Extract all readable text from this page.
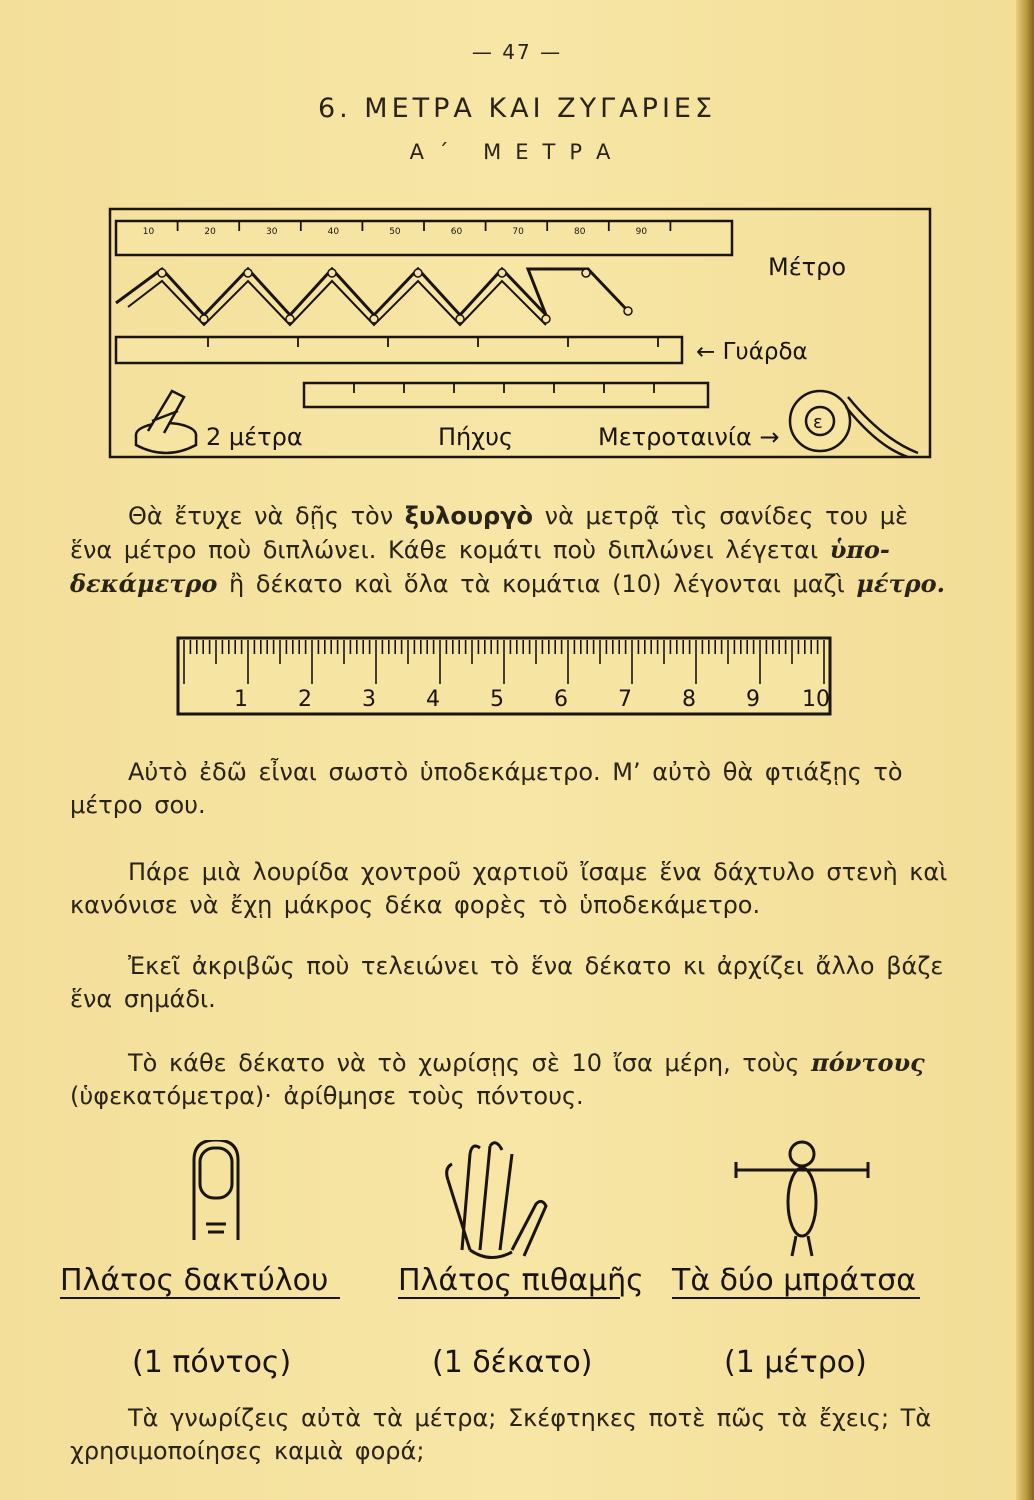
— 47 —
6. ΜΕΤΡΑ ΚΑΙ ΖΥΓΑΡΙΕΣ
Α΄ ΜΕΤΡΑ
10	20	30	40	50	60	70	80	90
Μέτρο
← Γυάρδα
2 μέτρα	Πήχυς	Μετροταινία →
ε

Θὰ ἔτυχε νὰ δῇς τὸν ξυλουργὸ νὰ μετρᾷ τὶς σανίδες του μὲ ἕνα μέτρο ποὺ διπλώνει. Κάθε κομάτι ποὺ διπλώνει λέγεται ὑπο-δεκάμετρο ἢ δέκατο καὶ ὅλα τὰ κομάτια (10) λέγονται μαζὶ μέτρο.

1 2 3 4 5 6 7 8 9 10

Αὐτὸ ἐδῶ εἶναι σωστὸ ὑποδεκάμετρο. Μ’ αὐτὸ θὰ φτιάξῃς τὸ μέτρο σου.

Πάρε μιὰ λουρίδα χοντροῦ χαρτιοῦ ἴσαμε ἕνα δάχτυλο στενὴ καὶ κανόνισε νὰ ἔχῃ μάκρος δέκα φορὲς τὸ ὑποδεκάμετρο.

Ἐκεῖ ἀκριβῶς ποὺ τελειώνει τὸ ἕνα δέκατο κι ἀρχίζει ἄλλο βάζε ἕνα σημάδι.

Τὸ κάθε δέκατο νὰ τὸ χωρίσῃς σὲ 10 ἴσα μέρη, τοὺς πόντους (ὑφεκατόμετρα)· ἀρίθμησε τοὺς πόντους.

Πλάτος δακτύλου Πλάτος πιθαμῆς Τὰ δύο μπράτσα
(1 πόντος)	(1 δέκατο)	(1 μέτρο)

Τὰ γνωρίζεις αὐτὰ τὰ μέτρα; Σκέφτηκες ποτὲ πῶς τὰ ἔχεις; Τὰ χρησιμοποίησες καμιὰ φορά;
